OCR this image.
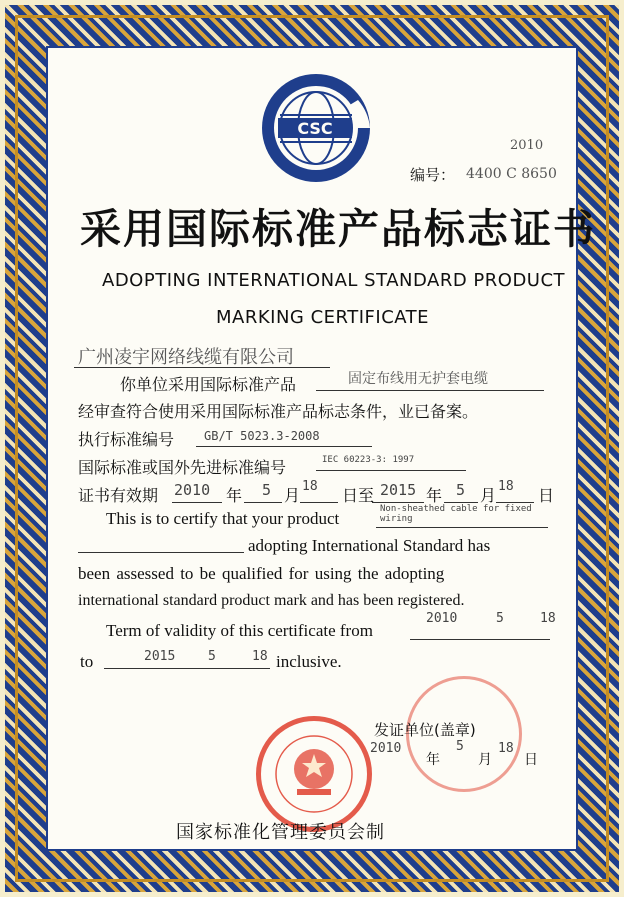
CSC
2010
编号： 4400 C 8650
采用国际标准产品标志证书
ADOPTING INTERNATIONAL STANDARD PRODUCT
MARKING CERTIFICATE
广州凌宇网络线缆有限公司
你单位采用国际标准产品	固定布线用无护套电缆
经审查符合使用采用国际标准产品标志条件，业已备案。
执行标准编号 GB/T 5023.3-2008
国际标准或国外先进标准编号	IEC 60223-3: 1997
证书有效期 2010 年 5 月 18 日至 2015 年 5 月 18 日
This is to certify that your product	Non-sheathed cable for fixed wiring
adopting International Standard has
been assessed to be qualified for using the adopting
international standard product mark and has been registered.
Term of validity of this certificate from
2010	5	18
to	2015	5	18 inclusive.
发证单位(盖章)
2010
年
5
月
18
日
国家标准化管理委员会制
